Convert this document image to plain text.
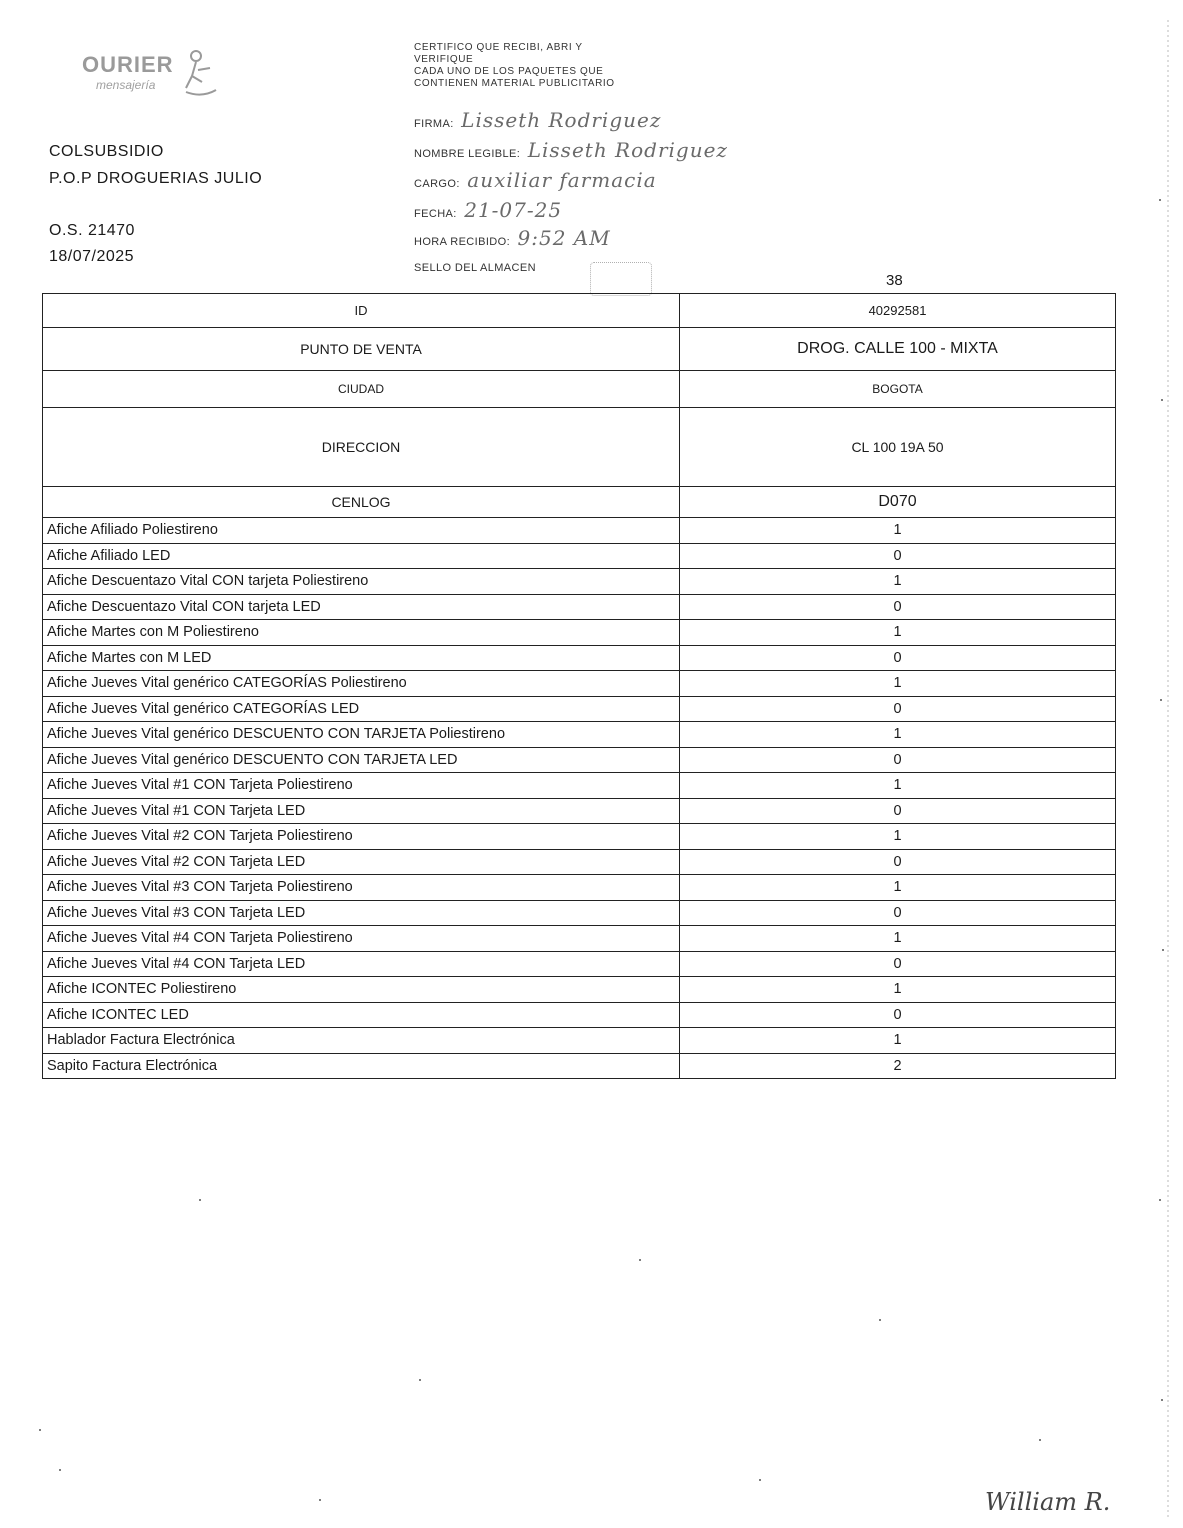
OURIER
mensajería
COLSUBSIDIO
P.O.P DROGUERIAS JULIO
O.S. 21470
18/07/2025

CERTIFICO QUE RECIBI, ABRI Y

VERIFIQUE

CADA UNO DE LOS PAQUETES QUE

CONTIENEN MATERIAL PUBLICITARIO

FIRMA: Lisseth Rodriguez
NOMBRE LEGIBLE: Lisseth Rodriguez
CARGO: auxiliar farmacia
FECHA: 21-07-25
HORA RECIBIDO: 9:52 AM
SELLO DEL ALMACEN
38
ID	40292581
PUNTO DE VENTA	DROG. CALLE 100 - MIXTA
CIUDAD	BOGOTA
DIRECCION	CL 100 19A 50
CENLOG	D070
Afiche Afiliado Poliestireno	1
Afiche Afiliado LED	0
Afiche Descuentazo Vital CON tarjeta Poliestireno	1
Afiche Descuentazo Vital CON tarjeta LED	0
Afiche Martes con M Poliestireno	1
Afiche Martes con M LED	0
Afiche Jueves Vital genérico CATEGORÍAS Poliestireno	1
Afiche Jueves Vital genérico CATEGORÍAS LED	0
Afiche Jueves Vital genérico DESCUENTO CON TARJETA Poliestireno	1
Afiche Jueves Vital genérico DESCUENTO CON TARJETA LED	0
Afiche Jueves Vital #1 CON Tarjeta Poliestireno	1
Afiche Jueves Vital #1 CON Tarjeta LED	0
Afiche Jueves Vital #2 CON Tarjeta Poliestireno	1
Afiche Jueves Vital #2 CON Tarjeta LED	0
Afiche Jueves Vital #3 CON Tarjeta Poliestireno	1
Afiche Jueves Vital #3 CON Tarjeta LED	0
Afiche Jueves Vital #4 CON Tarjeta Poliestireno	1
Afiche Jueves Vital #4 CON Tarjeta LED	0
Afiche ICONTEC Poliestireno	1
Afiche ICONTEC LED	0
Hablador Factura Electrónica	1
Sapito Factura Electrónica	2
William R.
